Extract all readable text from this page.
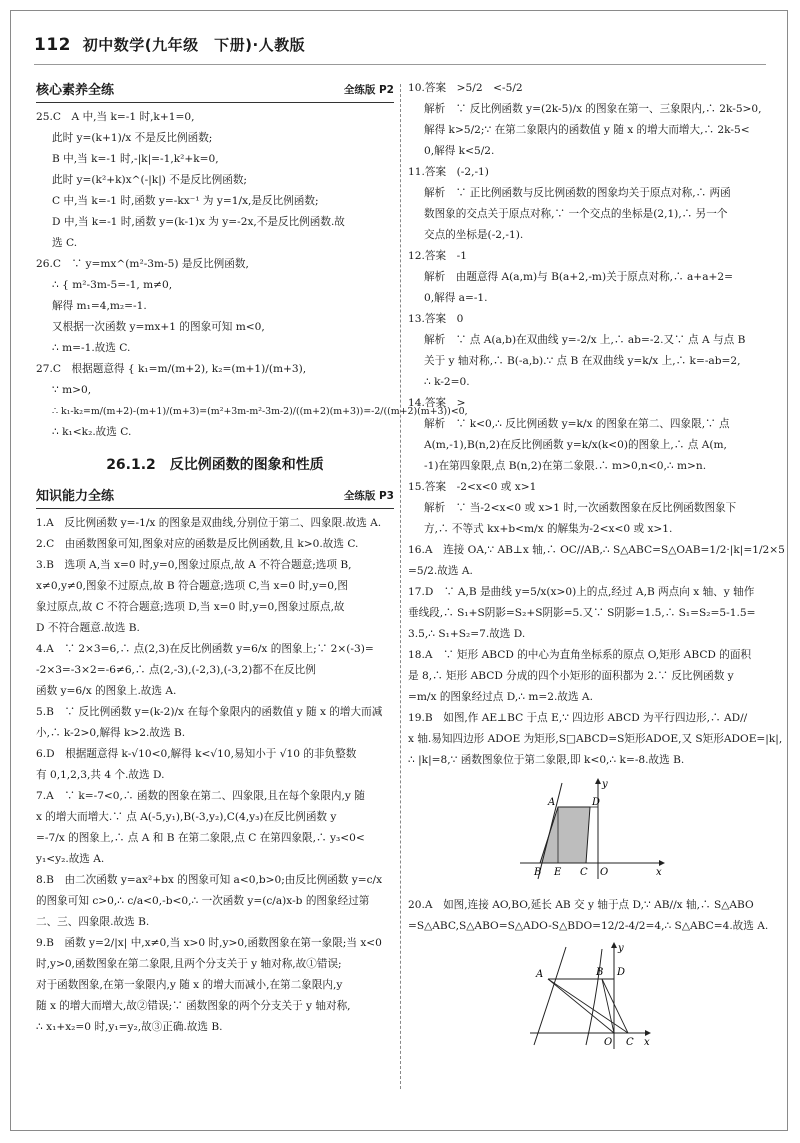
112 初中数学(九年级　下册)·人教版
核心素养全练	全练版 P2
25.C　A 中,当 k=-1 时,k+1=0,
此时 y=(k+1)/x 不是反比例函数;
B 中,当 k=-1 时,-|k|=-1,k²+k=0,
此时 y=(k²+k)x^(-|k|) 不是反比例函数;
C 中,当 k=-1 时,函数 y=-kx⁻¹ 为 y=1/x,是反比例函数;
D 中,当 k=-1 时,函数 y=(k-1)x 为 y=-2x,不是反比例函数.故
选 C.
26.C　∵ y=mx^(m²-3m-5) 是反比例函数,
∴ { m²-3m-5=-1, m≠0,
解得 m₁=4,m₂=-1.
又根据一次函数 y=mx+1 的图象可知 m<0,
∴ m=-1.故选 C.
27.C　根据题意得 { k₁=m/(m+2), k₂=(m+1)/(m+3),
∵ m>0,
∴ k₁-k₂=m/(m+2)-(m+1)/(m+3)=(m²+3m-m²-3m-2)/((m+2)(m+3))=-2/((m+2)(m+3))<0,
∴ k₁<k₂.故选 C.
26.1.2　反比例函数的图象和性质
知识能力全练	全练版 P3
1.A　反比例函数 y=-1/x 的图象是双曲线,分别位于第二、四象限.故选 A.
2.C　由函数图象可知,图象对应的函数是反比例函数,且 k>0.故选 C.
3.B　选项 A,当 x=0 时,y=0,图象过原点,故 A 不符合题意;选项 B,
x≠0,y≠0,图象不过原点,故 B 符合题意;选项 C,当 x=0 时,y=0,图
象过原点,故 C 不符合题意;选项 D,当 x=0 时,y=0,图象过原点,故
D 不符合题意.故选 B.
4.A　∵ 2×3=6,∴ 点(2,3)在反比例函数 y=6/x 的图象上;∵ 2×(-3)=
-2×3=-3×2=-6≠6,∴ 点(2,-3),(-2,3),(-3,2)都不在反比例
函数 y=6/x 的图象上.故选 A.
5.B　∵ 反比例函数 y=(k-2)/x 在每个象限内的函数值 y 随 x 的增大而减
小,∴ k-2>0,解得 k>2.故选 B.
6.D　根据题意得 k-√10<0,解得 k<√10,易知小于 √10 的非负整数
有 0,1,2,3,共 4 个.故选 D.
7.A　∵ k=-7<0,∴ 函数的图象在第二、四象限,且在每个象限内,y 随
x 的增大而增大.∵ 点 A(-5,y₁),B(-3,y₂),C(4,y₃)在反比例函数 y
=-7/x 的图象上,∴ 点 A 和 B 在第二象限,点 C 在第四象限,∴ y₃<0<
y₁<y₂.故选 A.
8.B　由二次函数 y=ax²+bx 的图象可知 a<0,b>0;由反比例函数 y=c/x
的图象可知 c>0,∴ c/a<0,-b<0,∴ 一次函数 y=(c/a)x-b 的图象经过第
二、三、四象限.故选 B.
9.B　函数 y=2/|x| 中,x≠0,当 x>0 时,y>0,函数图象在第一象限;当 x<0
时,y>0,函数图象在第二象限,且两个分支关于 y 轴对称,故①错误;
对于函数图象,在第一象限内,y 随 x 的增大而减小,在第二象限内,y
随 x 的增大而增大,故②错误;∵ 函数图象的两个分支关于 y 轴对称,
∴ x₁+x₂=0 时,y₁=y₂,故③正确.故选 B.
10.答案　>5/2　<-5/2
解析　∵ 反比例函数 y=(2k-5)/x 的图象在第一、三象限内,∴ 2k-5>0,
解得 k>5/2;∵ 在第二象限内的函数值 y 随 x 的增大而增大,∴ 2k-5<
0,解得 k<5/2.
11.答案　(-2,-1)
解析　∵ 正比例函数与反比例函数的图象均关于原点对称,∴ 两函
数图象的交点关于原点对称,∵ 一个交点的坐标是(2,1),∴ 另一个
交点的坐标是(-2,-1).
12.答案　-1
解析　由题意得 A(a,m)与 B(a+2,-m)关于原点对称,∴ a+a+2=
0,解得 a=-1.
13.答案　0
解析　∵ 点 A(a,b)在双曲线 y=-2/x 上,∴ ab=-2.又∵ 点 A 与点 B
关于 y 轴对称,∴ B(-a,b).∵ 点 B 在双曲线 y=k/x 上,∴ k=-ab=2,
∴ k-2=0.
14.答案　>
解析　∵ k<0,∴ 反比例函数 y=k/x 的图象在第二、四象限,∵ 点
A(m,-1),B(n,2)在反比例函数 y=k/x(k<0)的图象上,∴ 点 A(m,
-1)在第四象限,点 B(n,2)在第二象限.∴ m>0,n<0,∴ m>n.
15.答案　-2<x<0 或 x>1
解析　∵ 当-2<x<0 或 x>1 时,一次函数图象在反比例函数图象下
方,∴ 不等式 kx+b<m/x 的解集为-2<x<0 或 x>1.
16.A　连接 OA,∵ AB⊥x 轴,∴ OC//AB,∴ S△ABC=S△OAB=1/2·|k|=1/2×5
=5/2.故选 A.
17.D　∵ A,B 是曲线 y=5/x(x>0)上的点,经过 A,B 两点向 x 轴、y 轴作
垂线段,∴ S₁+S阴影=S₂+S阴影=5.又∵ S阴影=1.5,∴ S₁=S₂=5-1.5=
3.5,∴ S₁+S₂=7.故选 D.
18.A　∵ 矩形 ABCD 的中心为直角坐标系的原点 O,矩形 ABCD 的面积
是 8,∴ 矩形 ABCD 分成的四个小矩形的面积都为 2.∵ 反比例函数 y
=m/x 的图象经过点 D,∴ m=2.故选 A.
19.B　如图,作 AE⊥BC 于点 E,∵ 四边形 ABCD 为平行四边形,∴ AD//
x 轴.易知四边形 ADOE 为矩形,S□ABCD=S矩形ADOE,又 S矩形ADOE=|k|,
∴ |k|=8,∵ 函数图象位于第二象限,即 k<0,∴ k=-8.故选 B.
y
A	D
B E C O	x
20.A　如图,连接 AO,BO,延长 AB 交 y 轴于点 D,∵ AB//x 轴,∴ S△ABO
=S△ABC,S△ABO=S△ADO-S△BDO=12/2-4/2=4,∴ S△ABC=4.故选 A.
y
A	B D
O C x
